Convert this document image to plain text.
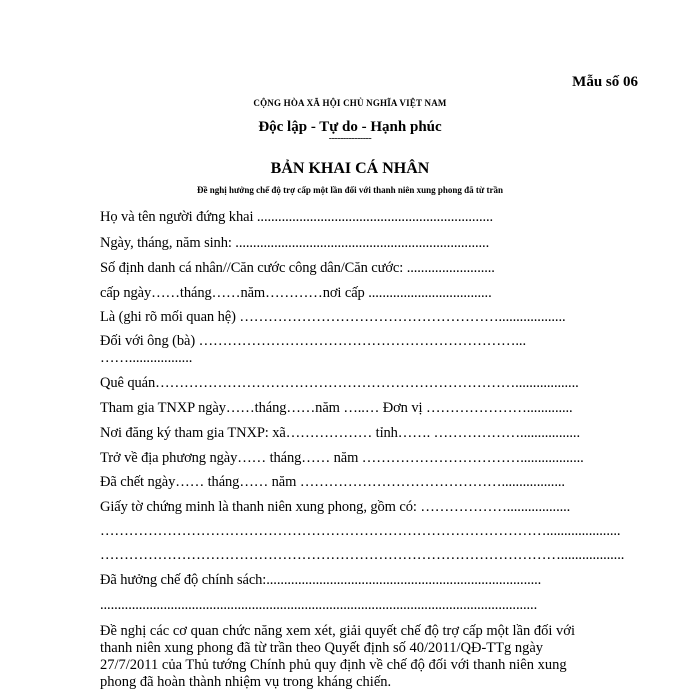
Mẫu số 06
CỘNG HÒA XÃ HỘI CHỦ NGHĨA VIỆT NAM
Độc lập - Tự do - Hạnh phúc
---------------
BẢN KHAI CÁ NHÂN
Đề nghị hưởng chế độ trợ cấp một lần đối với thanh niên xung phong đã từ trần
Họ và tên người đứng khai ...................................................................
Ngày, tháng, năm sinh: ........................................................................
Số định danh cá nhân//Căn cước công dân/Căn cước: .........................
cấp ngày……tháng……năm…………nơi cấp ...................................
Là (ghi rõ mối quan hệ) ………………………………………………...................
Đối với ông (bà) …………………………………………………………...
……..................
Quê quán…………………………………………………………………..................
Tham gia TNXP ngày……tháng……năm …..… Đơn vị ………………….............
Nơi đăng ký tham gia TNXP: xã……………… tỉnh……. ……………….................
Trở về địa phương ngày…… tháng…… năm ……………………………..................
Đã chết ngày…… tháng…… năm ……………………………………..................
Giấy tờ chứng minh là thanh niên xung phong, gồm có: ………………..................
………………………………………………………………………………….....................
……………………………………………………………………………………..................
Đã hưởng chế độ chính sách:..............................................................................
............................................................................................................................
Đề nghị các cơ quan chức năng xem xét, giải quyết chế độ trợ cấp một lần đối với
thanh niên xung phong đã từ trần theo Quyết định số 40/2011/QĐ-TTg ngày
27/7/2011 của Thủ tướng Chính phủ quy định về chế độ đối với thanh niên xung
phong đã hoàn thành nhiệm vụ trong kháng chiến.
